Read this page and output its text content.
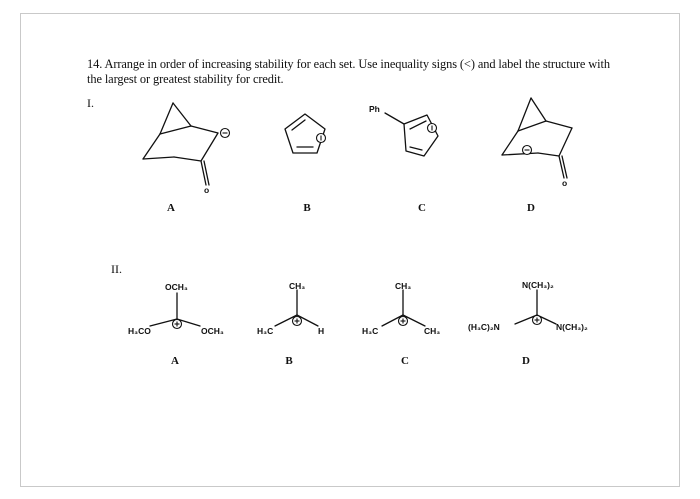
14. Arrange in order of increasing stability for each set. Use inequality signs (<) and label the structure with the largest or greatest stability for credit.
I.
II.
A	B	C	D
A	B	C	D
o
o
Ph
OCH₃
H₃CO	OCH₃
CH₃
H₃C	H
CH₃
H₃C	CH₃
N(CH₃)₂
(H₃C)₂N	N(CH₃)₂
